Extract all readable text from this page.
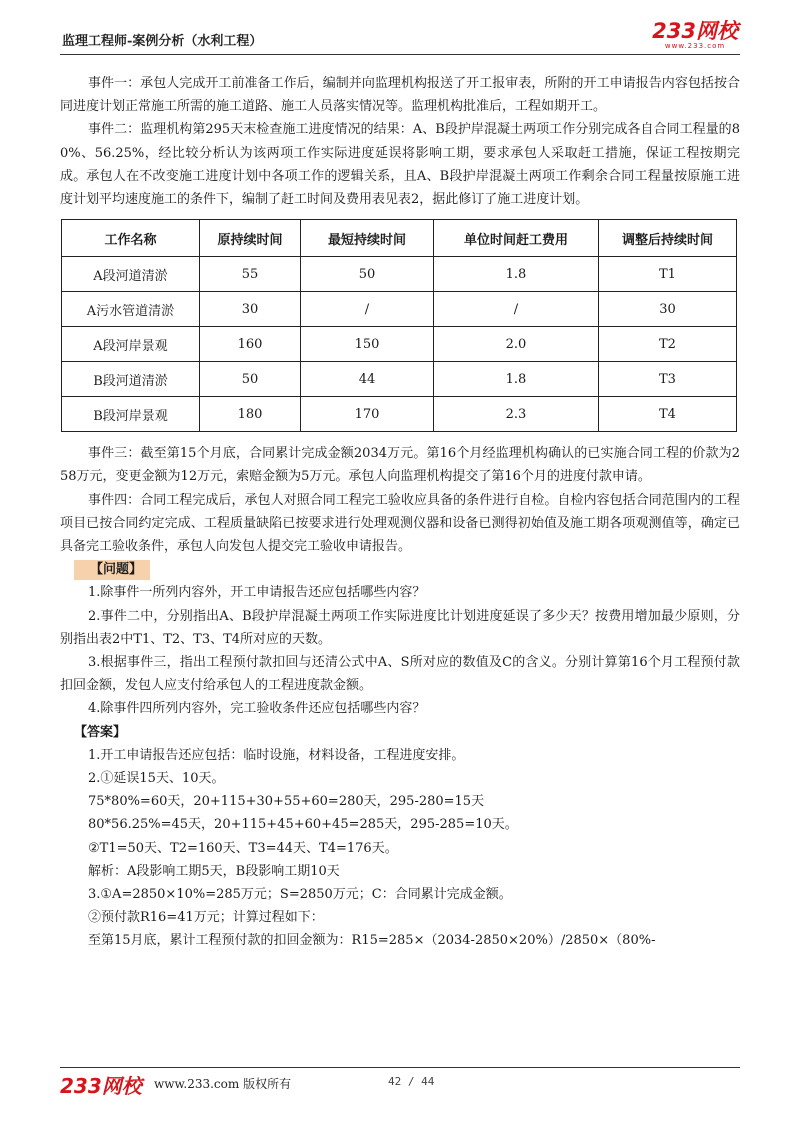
监理工程师-案例分析（水利工程）	233网校
www.233.com

事件一：承包人完成开工前准备工作后，编制并向监理机构报送了开工报审表，所附的开工申请报告内容包括按合同进度计划正常施工所需的施工道路、施工人员落实情况等。监理机构批准后，工程如期开工。

事件二：监理机构第295天末检查施工进度情况的结果：A、B段护岸混凝土两项工作分别完成各自合同工程量的80%、56.25%，经比较分析认为该两项工作实际进度延误将影响工期，要求承包人采取赶工措施，保证工程按期完成。承包人在不改变施工进度计划中各项工作的逻辑关系，且A、B段护岸混凝土两项工作剩余合同工程量按原施工进度计划平均速度施工的条件下，编制了赶工时间及费用表见表2，据此修订了施工进度计划。

工作名称	原持续时间	最短持续时间	单位时间赶工费用	调整后持续时间
A段河道清淤	55	50	1.8	T1
A污水管道清淤	30	/	/	30
A段河岸景观	160	150	2.0	T2
B段河道清淤	50	44	1.8	T3
B段河岸景观	180	170	2.3	T4

事件三：截至第15个月底，合同累计完成金额2034万元。第16个月经监理机构确认的已实施合同工程的价款为258万元，变更金额为12万元，索赔金额为5万元。承包人向监理机构提交了第16个月的进度付款申请。

事件四：合同工程完成后，承包人对照合同工程完工验收应具备的条件进行自检。自检内容包括合同范围内的工程项目已按合同约定完成、工程质量缺陷已按要求进行处理观测仪器和设备已测得初始值及施工期各项观测值等，确定已具备完工验收条件，承包人向发包人提交完工验收申请报告。

【问题】

1.除事件一所列内容外，开工申请报告还应包括哪些内容？

2.事件二中，分别指出A、B段护岸混凝土两项工作实际进度比计划进度延误了多少天？按费用增加最少原则，分别指出表2中T1、T2、T3、T4所对应的天数。

3.根据事件三，指出工程预付款扣回与还清公式中A、S所对应的数值及C的含义。分别计算第16个月工程预付款扣回金额，发包人应支付给承包人的工程进度款金额。

4.除事件四所列内容外，完工验收条件还应包括哪些内容？

【答案】

1.开工申请报告还应包括：临时设施，材料设备，工程进度安排。

2.①延误15天、10天。

75*80%=60天，20+115+30+55+60=280天，295-280=15天

80*56.25%=45天，20+115+45+60+45=285天，295-285=10天。

②T1=50天、T2=160天、T3=44天、T4=176天。

解析：A段影响工期5天，B段影响工期10天

3.①A=2850×10%=285万元；S=2850万元；C：合同累计完成金额。

②预付款R16=41万元；计算过程如下：

至第15月底，累计工程预付款的扣回金额为：R15=285×（2034-2850×20%）/2850×（80%-

233网校 www.233.com 版权所有	42 / 44
